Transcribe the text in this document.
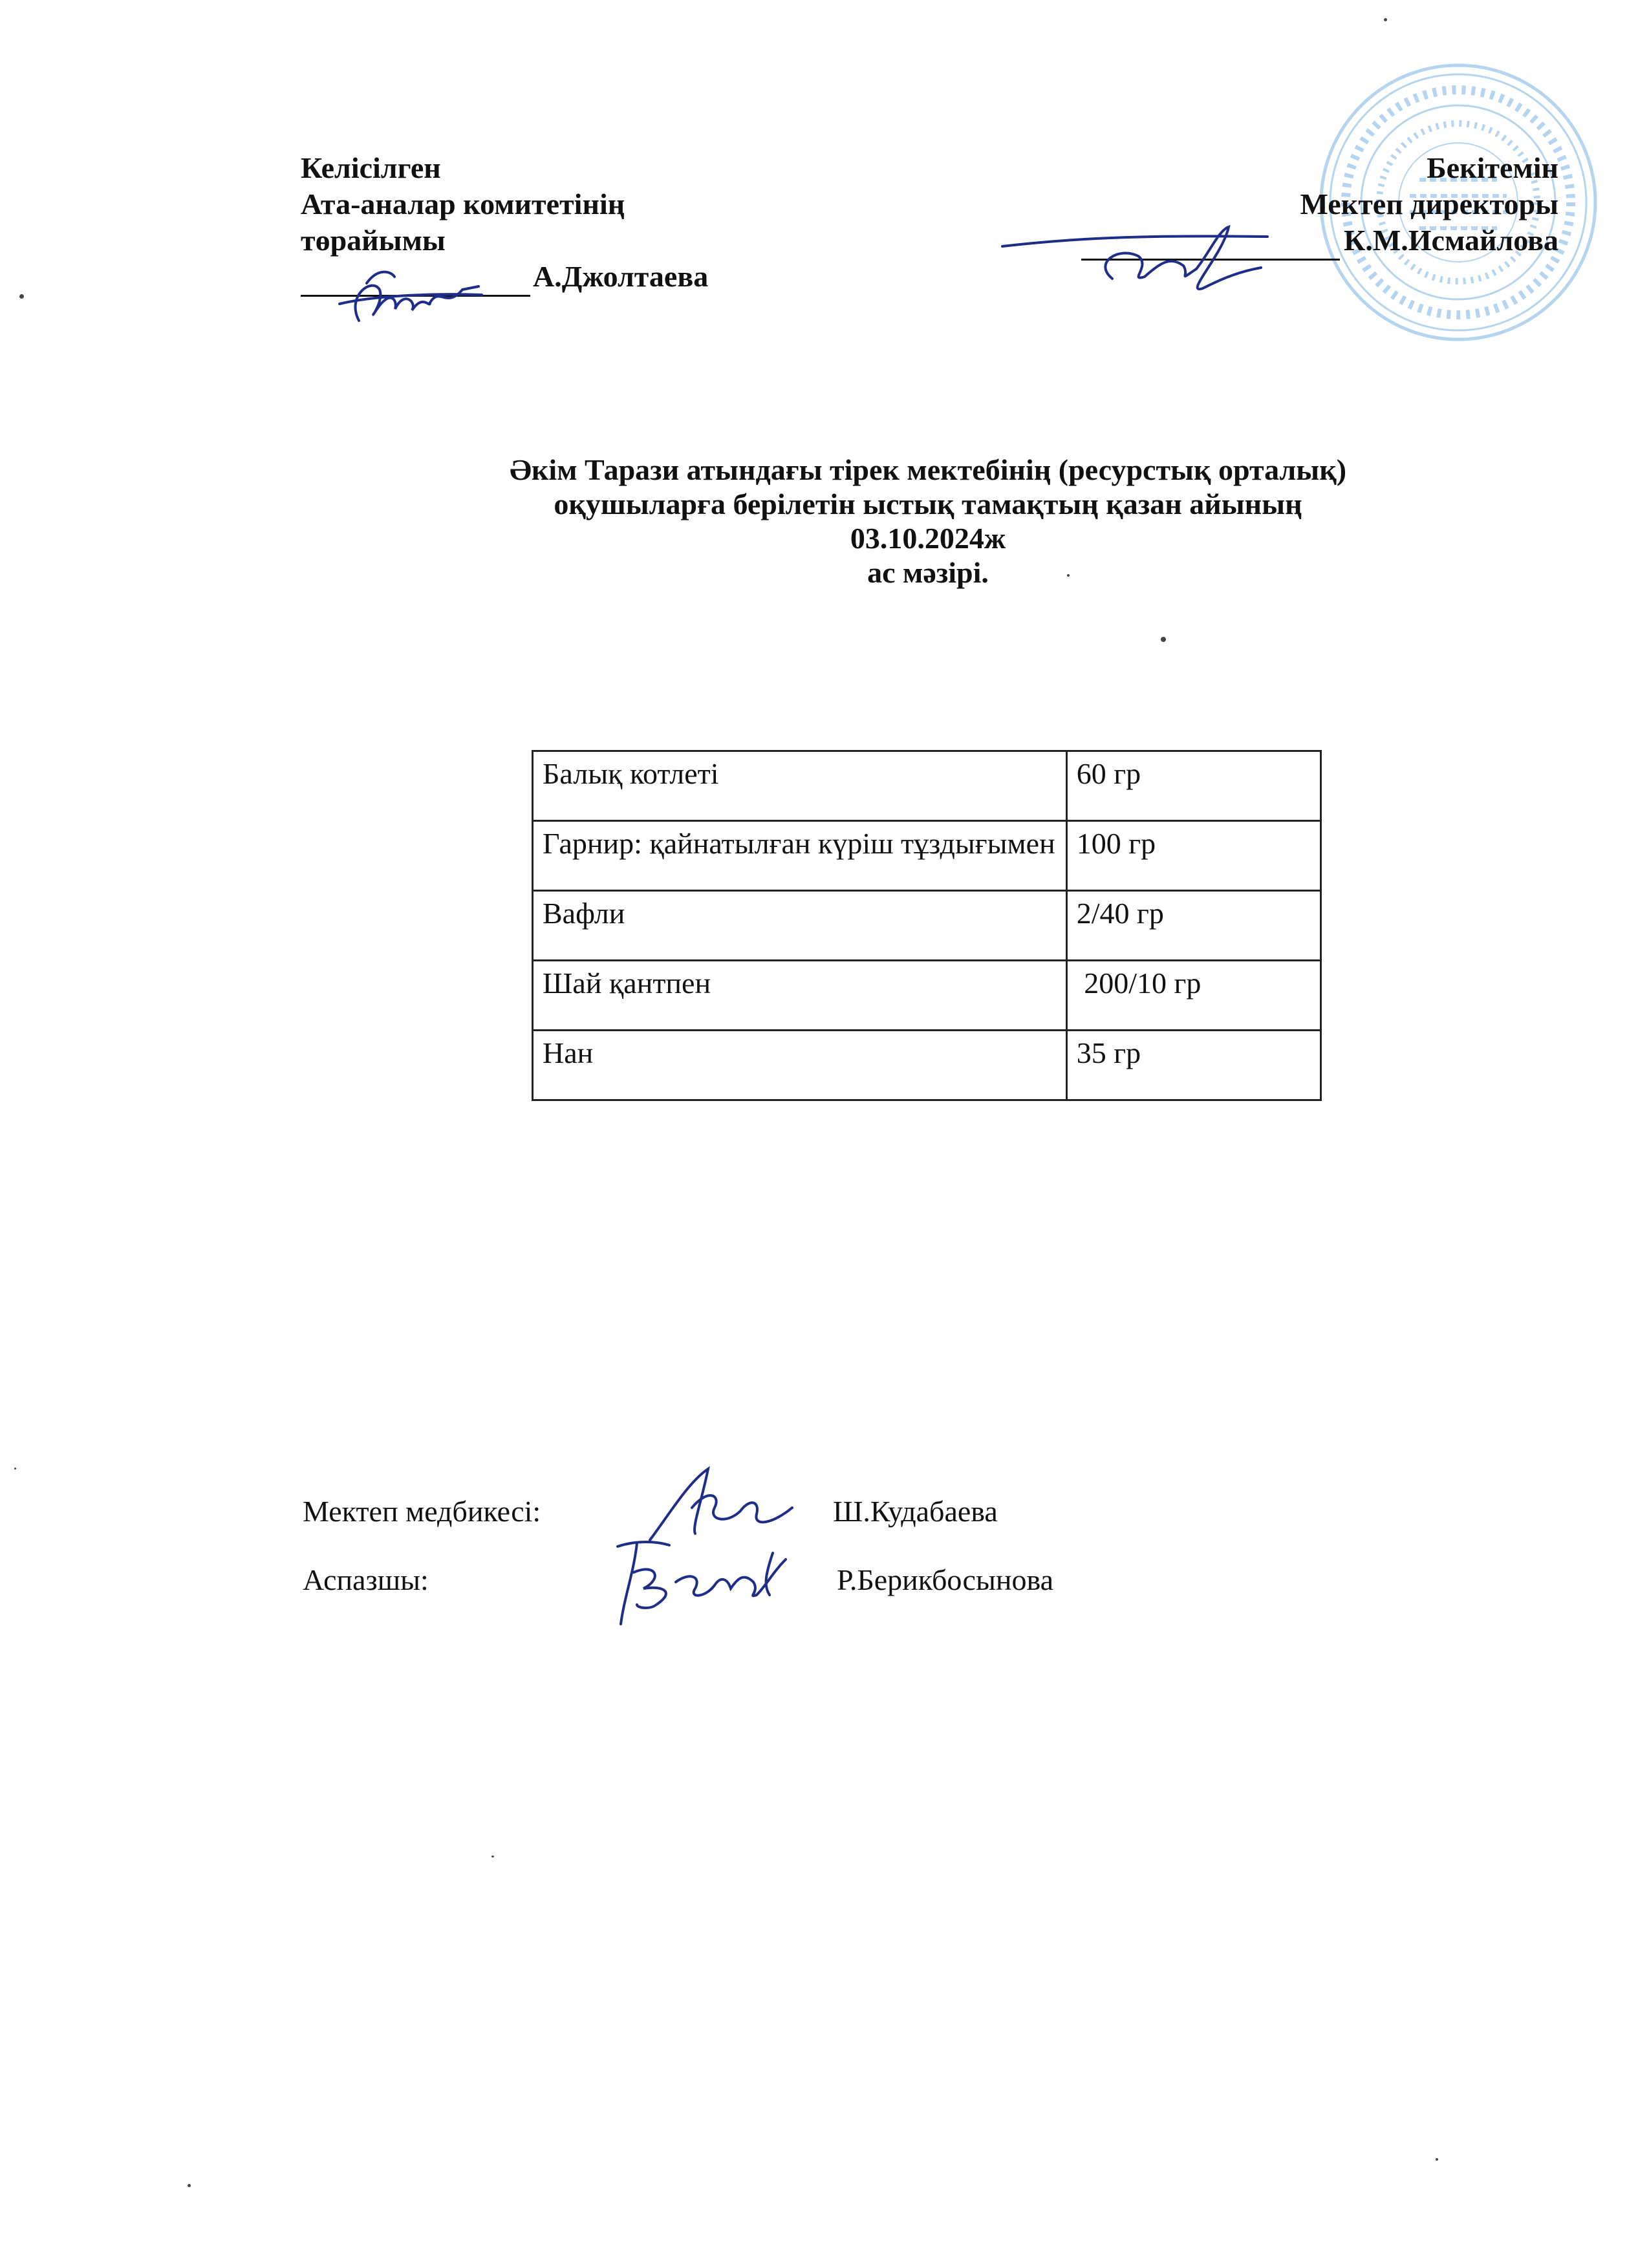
Келісілген
Ата-аналар комитетінің
төрайымы
А.Джолтаева
Бекітемін
Мектеп директоры
К.М.Исмайлова
Әкім Тарази атындағы тірек мектебінің (ресурстық орталық)
оқушыларға берілетін ыстық тамақтың қазан айының
03.10.2024ж
ас мәзірі.
Балық котлеті	60 гр
Гарнир: қайнатылған күріш тұздығымен	100 гр
Вафли	2/40 гр
Шай қантпен	200/10 гр
Нан	35 гр
Мектеп медбикесі:	Ш.Кудабаева
Аспазшы:	Р.Берикбосынова
